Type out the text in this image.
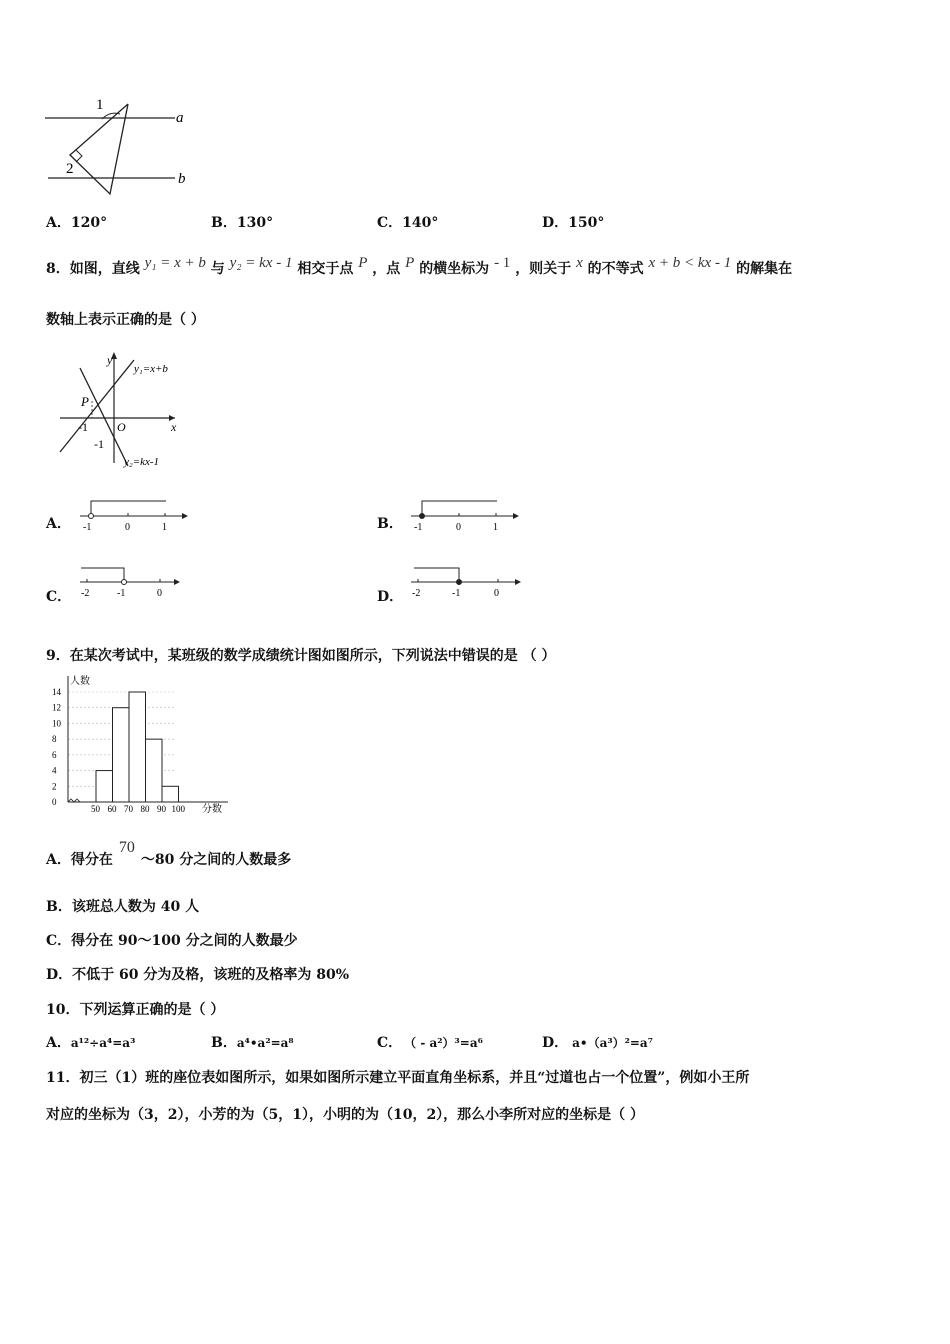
1
2
a
b
A．120°	B．130°	C．140°	D．150°
8．如图，直线 y₁ = x + b 与 y₂ = kx - 1 相交于点 P ，点 P 的横坐标为 - 1 ，则关于 x 的不等式 x + b < kx - 1 的解集在
数轴上表示正确的是（ ）
y
x
P
O
-1
-1
y₁=x+b
y₂=kx-1
A． -1	0	1	B． -1	0	1
C． -2	-1	0	D． -2	-1	0
9．在某次考试中，某班级的数学成绩统计图如图所示，下列说法中错误的是 （ ）
0
2
4
6
8
10
12
14
50 60 70 80 90 100
人数
分数
A．得分在70～80 分之间的人数最多
B．该班总人数为 40 人
C．得分在 90～100 分之间的人数最少
D．不低于 60 分为及格，该班的及格率为 80%
10．下列运算正确的是（ ）
A．a¹²÷a⁴=a³	B．a⁴•a²=a⁸	C． （ - a²）³=a⁶	D． a•（a³）²=a⁷
11．初三（1）班的座位表如图所示，如果如图所示建立平面直角坐标系，并且“过道也占一个位置”，例如小王所
对应的坐标为（3，2），小芳的为（5，1），小明的为（10，2），那么小李所对应的坐标是（ ）
